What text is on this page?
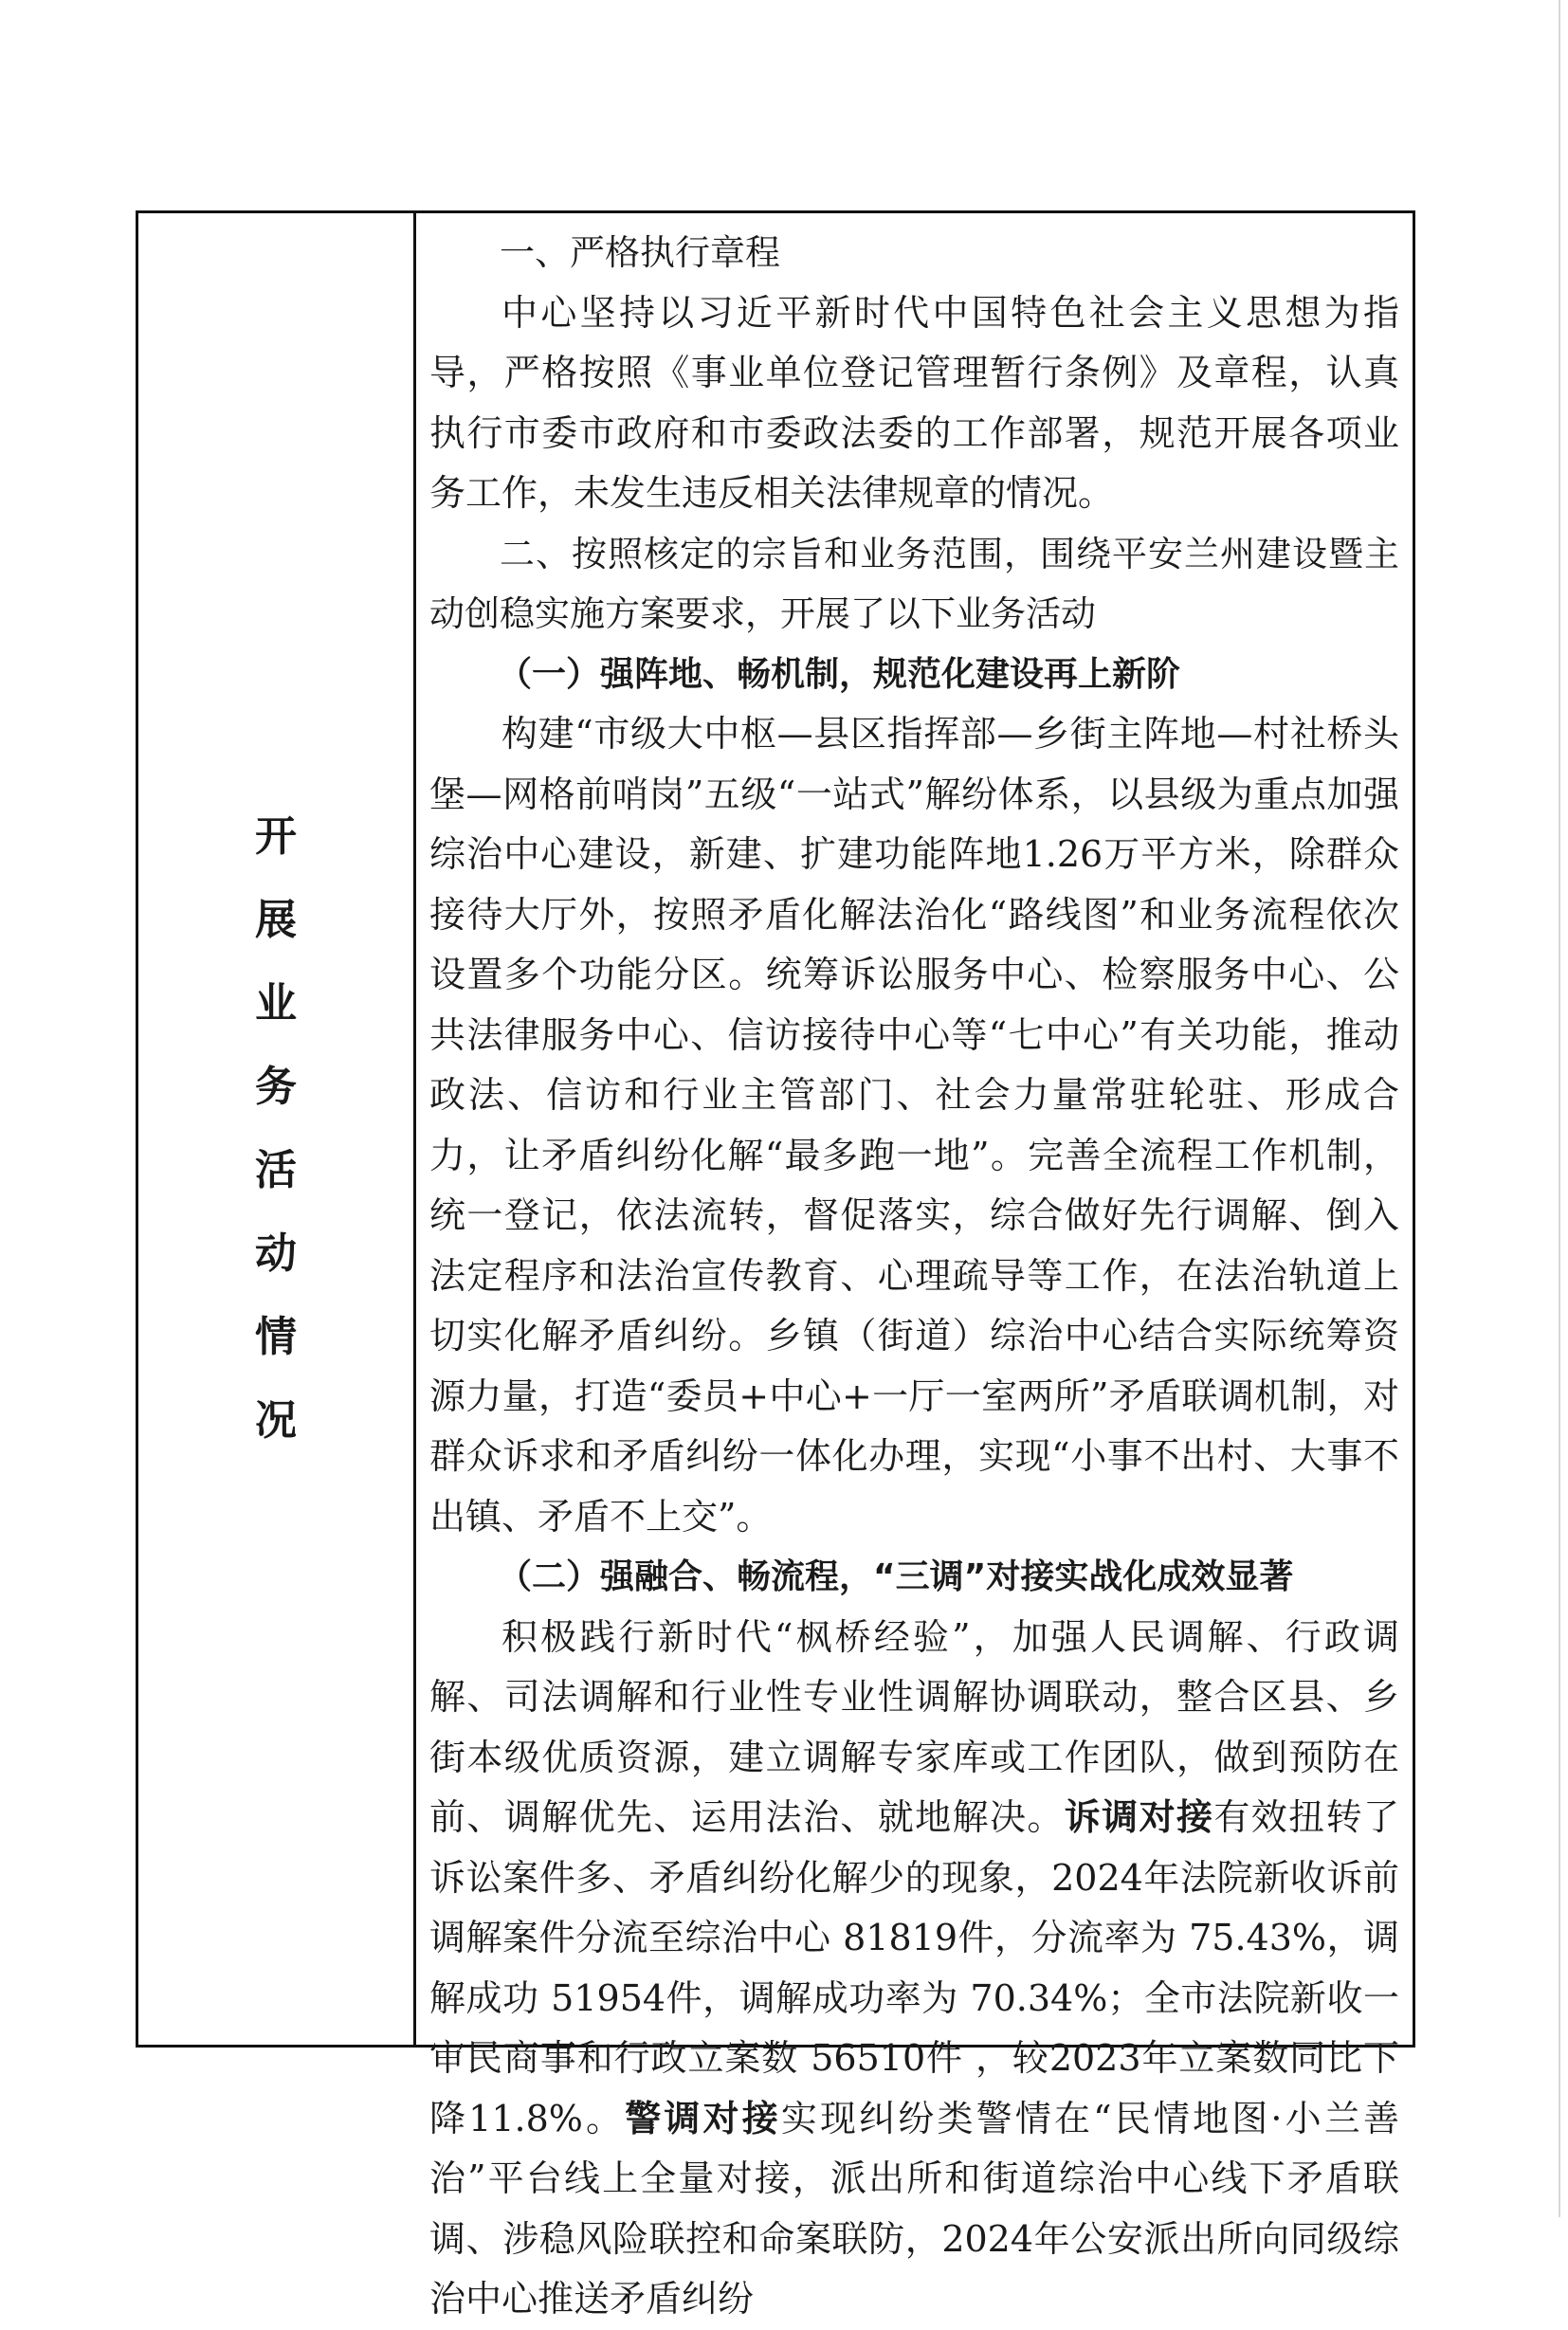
开
展
业
务
活
动
情
况

一、严格执行章程

中心坚持以习近平新时代中国特色社会主义思想为指导，严格按照《事业单位登记管理暂行条例》及章程，认真执行市委市政府和市委政法委的工作部署，规范开展各项业务工作，未发生违反相关法律规章的情况。

二、按照核定的宗旨和业务范围，围绕平安兰州建设暨主动创稳实施方案要求，开展了以下业务活动

（一）强阵地、畅机制，规范化建设再上新阶

构建“市级大中枢—县区指挥部—乡街主阵地—村社桥头堡—网格前哨岗”五级“一站式”解纷体系，以县级为重点加强综治中心建设，新建、扩建功能阵地1.26万平方米，除群众接待大厅外，按照矛盾化解法治化“路线图”和业务流程依次设置多个功能分区。统筹诉讼服务中心、检察服务中心、公共法律服务中心、信访接待中心等“七中心”有关功能，推动政法、信访和行业主管部门、社会力量常驻轮驻、形成合力，让矛盾纠纷化解“最多跑一地”。完善全流程工作机制，统一登记，依法流转，督促落实，综合做好先行调解、倒入法定程序和法治宣传教育、心理疏导等工作，在法治轨道上切实化解矛盾纠纷。乡镇（街道）综治中心结合实际统筹资源力量，打造“委员+中心+一厅一室两所”矛盾联调机制，对群众诉求和矛盾纠纷一体化办理，实现“小事不出村、大事不出镇、矛盾不上交”。

（二）强融合、畅流程，“三调”对接实战化成效显著

积极践行新时代“枫桥经验”，加强人民调解、行政调解、司法调解和行业性专业性调解协调联动，整合区县、乡街本级优质资源，建立调解专家库或工作团队，做到预防在前、调解优先、运用法治、就地解决。诉调对接有效扭转了诉讼案件多、矛盾纠纷化解少的现象，2024年法院新收诉前调解案件分流至综治中心 81819件，分流率为 75.43%，调解成功 51954件，调解成功率为 70.34%；全市法院新收一审民商事和行政立案数 56510件 ，较2023年立案数同比下降11.8%。警调对接实现纠纷类警情在“民情地图·小兰善治”平台线上全量对接，派出所和街道综治中心线下矛盾联调、涉稳风险联控和命案联防，2024年公安派出所向同级综治中心推送矛盾纠纷
